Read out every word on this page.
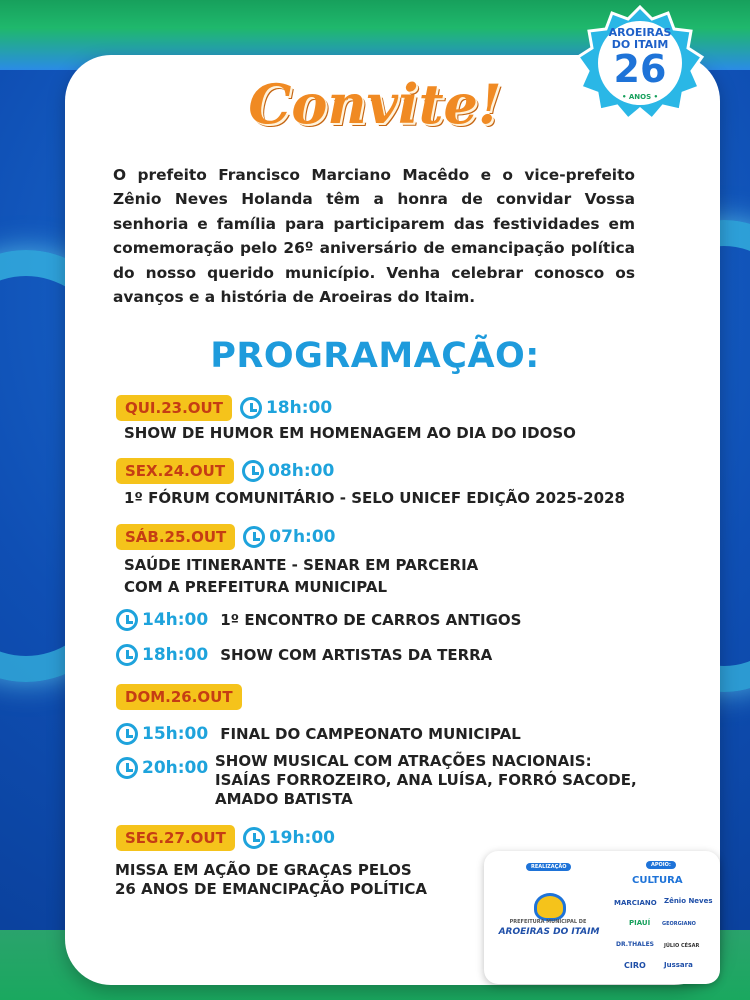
AROEIRAS
DO ITAIM
26
• ANOS •
Convite!
O prefeito Francisco Marciano Macêdo e o vice-prefeito Zênio Neves Holanda têm a honra de convidar Vossa senhoria e família para participarem das festividades em comemoração pelo 26º aniversário de emancipação política do nosso querido município. Venha celebrar conosco os avanços e a história de Aroeiras do Itaim.
PROGRAMAÇÃO:
QUI.23.OUT	18h:00
SHOW DE HUMOR EM HOMENAGEM AO DIA DO IDOSO
SEX.24.OUT	08h:00
1º FÓRUM COMUNITÁRIO - SELO UNICEF EDIÇÃO 2025-2028
SÁB.25.OUT	07h:00
SAÚDE ITINERANTE - SENAR EM PARCERIA
COM A PREFEITURA MUNICIPAL
14h:00 1º ENCONTRO DE CARROS ANTIGOS
18h:00 SHOW COM ARTISTAS DA TERRA
DOM.26.OUT
15h:00 FINAL DO CAMPEONATO MUNICIPAL
20h:00 SHOW MUSICAL COM ATRAÇÕES NACIONAIS:
ISAÍAS FORROZEIRO, ANA LUÍSA, FORRÓ SACODE,
AMADO BATISTA
SEG.27.OUT	19h:00
MISSA EM AÇÃO DE GRAÇAS PELOS
26 ANOS DE EMANCIPAÇÃO POLÍTICA
REALIZAÇÃO	APOIO:
PREFEITURA MUNICIPAL DE
AROEIRAS DO ITAIM
CULTURA
MARCIANO Zênio Neves
PIAUÍ GEORGIANO
DR.THALES JÚLIO CÉSAR
CIRO	Jussara
